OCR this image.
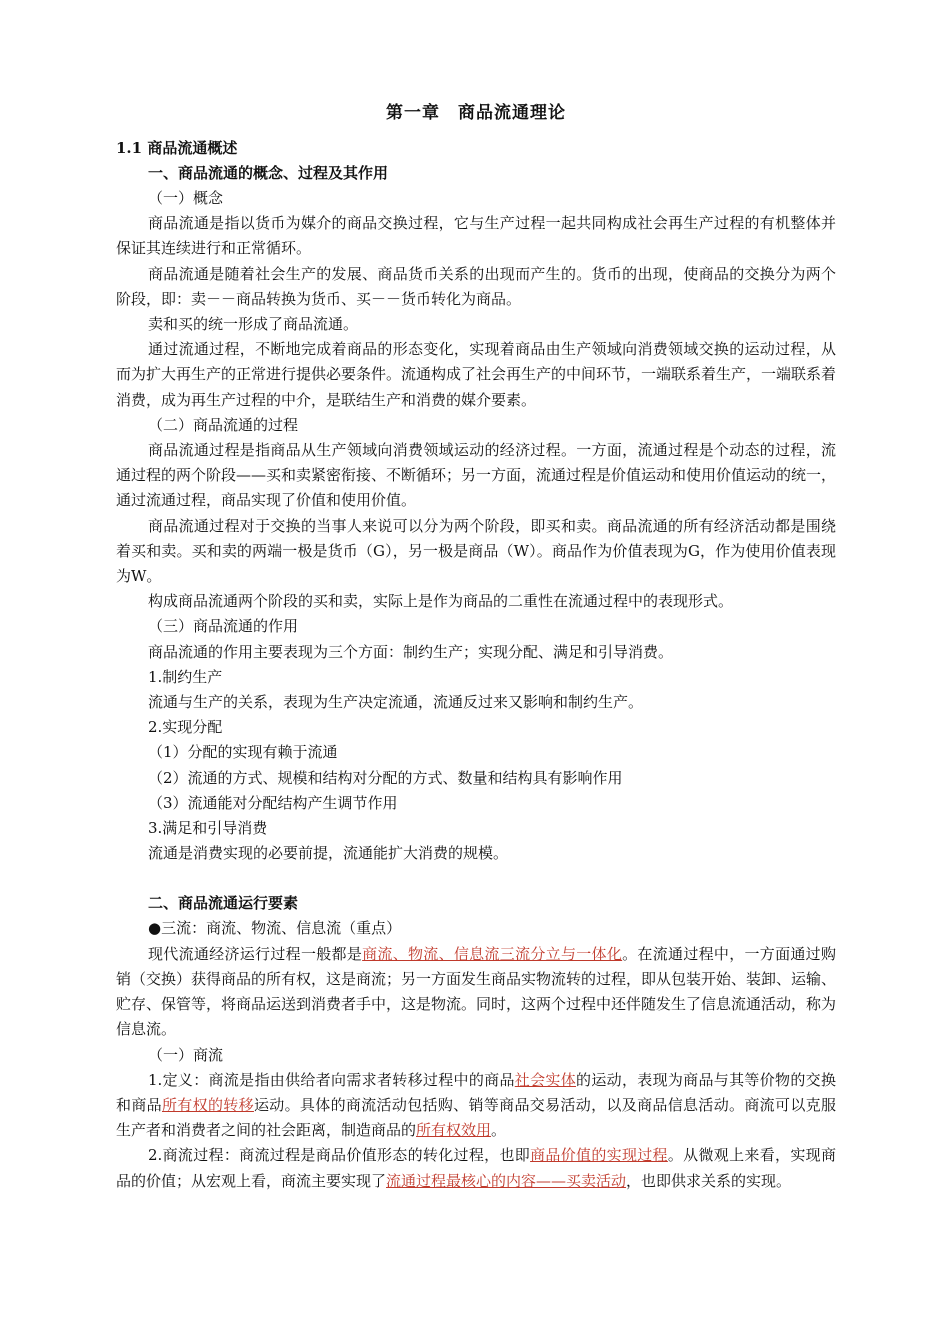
第一章　商品流通理论
1.1 商品流通概述
一、商品流通的概念、过程及其作用

（一）概念

商品流通是指以货币为媒介的商品交换过程，它与生产过程一起共同构成社会再生产过程的有机整体并保证其连续进行和正常循环。

商品流通是随着社会生产的发展、商品货币关系的出现而产生的。货币的出现，使商品的交换分为两个阶段，即：卖－－商品转换为货币、买－－货币转化为商品。

卖和买的统一形成了商品流通。

通过流通过程，不断地完成着商品的形态变化，实现着商品由生产领域向消费领域交换的运动过程，从而为扩大再生产的正常进行提供必要条件。流通构成了社会再生产的中间环节，一端联系着生产，一端联系着消费，成为再生产过程的中介，是联结生产和消费的媒介要素。

（二）商品流通的过程

商品流通过程是指商品从生产领域向消费领域运动的经济过程。一方面，流通过程是个动态的过程，流通过程的两个阶段——买和卖紧密衔接、不断循环；另一方面，流通过程是价值运动和使用价值运动的统一，通过流通过程，商品实现了价值和使用价值。

商品流通过程对于交换的当事人来说可以分为两个阶段，即买和卖。商品流通的所有经济活动都是围绕着买和卖。买和卖的两端一极是货币（G），另一极是商品（W）。商品作为价值表现为G，作为使用价值表现为W。

构成商品流通两个阶段的买和卖，实际上是作为商品的二重性在流通过程中的表现形式。

（三）商品流通的作用

商品流通的作用主要表现为三个方面：制约生产；实现分配、满足和引导消费。

1.制约生产

流通与生产的关系，表现为生产决定流通，流通反过来又影响和制约生产。

2.实现分配

（1）分配的实现有赖于流通

（2）流通的方式、规模和结构对分配的方式、数量和结构具有影响作用

（3）流通能对分配结构产生调节作用

3.满足和引导消费

流通是消费实现的必要前提，流通能扩大消费的规模。

二、商品流通运行要素

●三流：商流、物流、信息流（重点）

现代流通经济运行过程一般都是商流、物流、信息流三流分立与一体化。在流通过程中，一方面通过购销（交换）获得商品的所有权，这是商流；另一方面发生商品实物流转的过程，即从包装开始、装卸、运输、贮存、保管等，将商品运送到消费者手中，这是物流。同时，这两个过程中还伴随发生了信息流通活动，称为信息流。

（一）商流

1.定义：商流是指由供给者向需求者转移过程中的商品社会实体的运动，表现为商品与其等价物的交换和商品所有权的转移运动。具体的商流活动包括购、销等商品交易活动，以及商品信息活动。商流可以克服生产者和消费者之间的社会距离，制造商品的所有权效用。

2.商流过程：商流过程是商品价值形态的转化过程，也即商品价值的实现过程。从微观上来看，实现商品的价值；从宏观上看，商流主要实现了流通过程最核心的内容——买卖活动，也即供求关系的实现。
